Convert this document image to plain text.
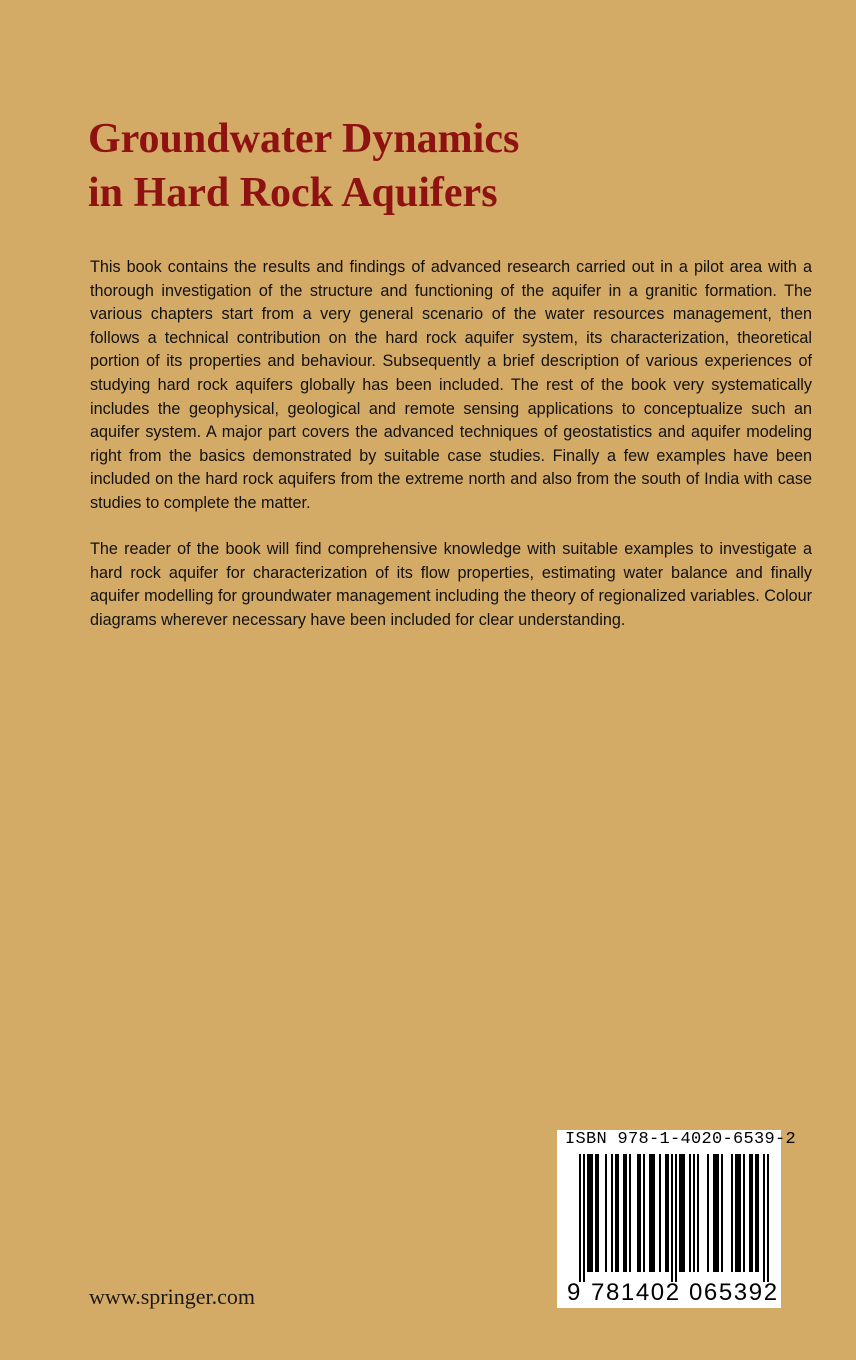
Groundwater Dynamics
in Hard Rock Aquifers

This book contains the results and findings of advanced research carried out in a pilot area with a thorough investigation of the structure and functioning of the aquifer in a granitic formation. The various chapters start from a very general scenario of the water resources management, then follows a technical contribution on the hard rock aquifer system, its characterization, theoretical portion of its properties and behaviour. Subsequently a brief description of various experiences of studying hard rock aquifers globally has been included. The rest of the book very systematically includes the geophysical, geological and remote sensing applications to conceptualize such an aquifer system. A major part covers the advanced techniques of geostatistics and aquifer modeling right from the basics demonstrated by suitable case studies. Finally a few examples have been included on the hard rock aquifers from the extreme north and also from the south of India with case studies to complete the matter.

The reader of the book will find comprehensive knowledge with suitable examples to investigate a hard rock aquifer for characterization of its flow properties, estimating water balance and finally aquifer modelling for groundwater management including the theory of regionalized variables. Colour diagrams wherever necessary have been included for clear understanding.

www.springer.com

ISBN 978-1-4020-6539-2
9 781402 065392
